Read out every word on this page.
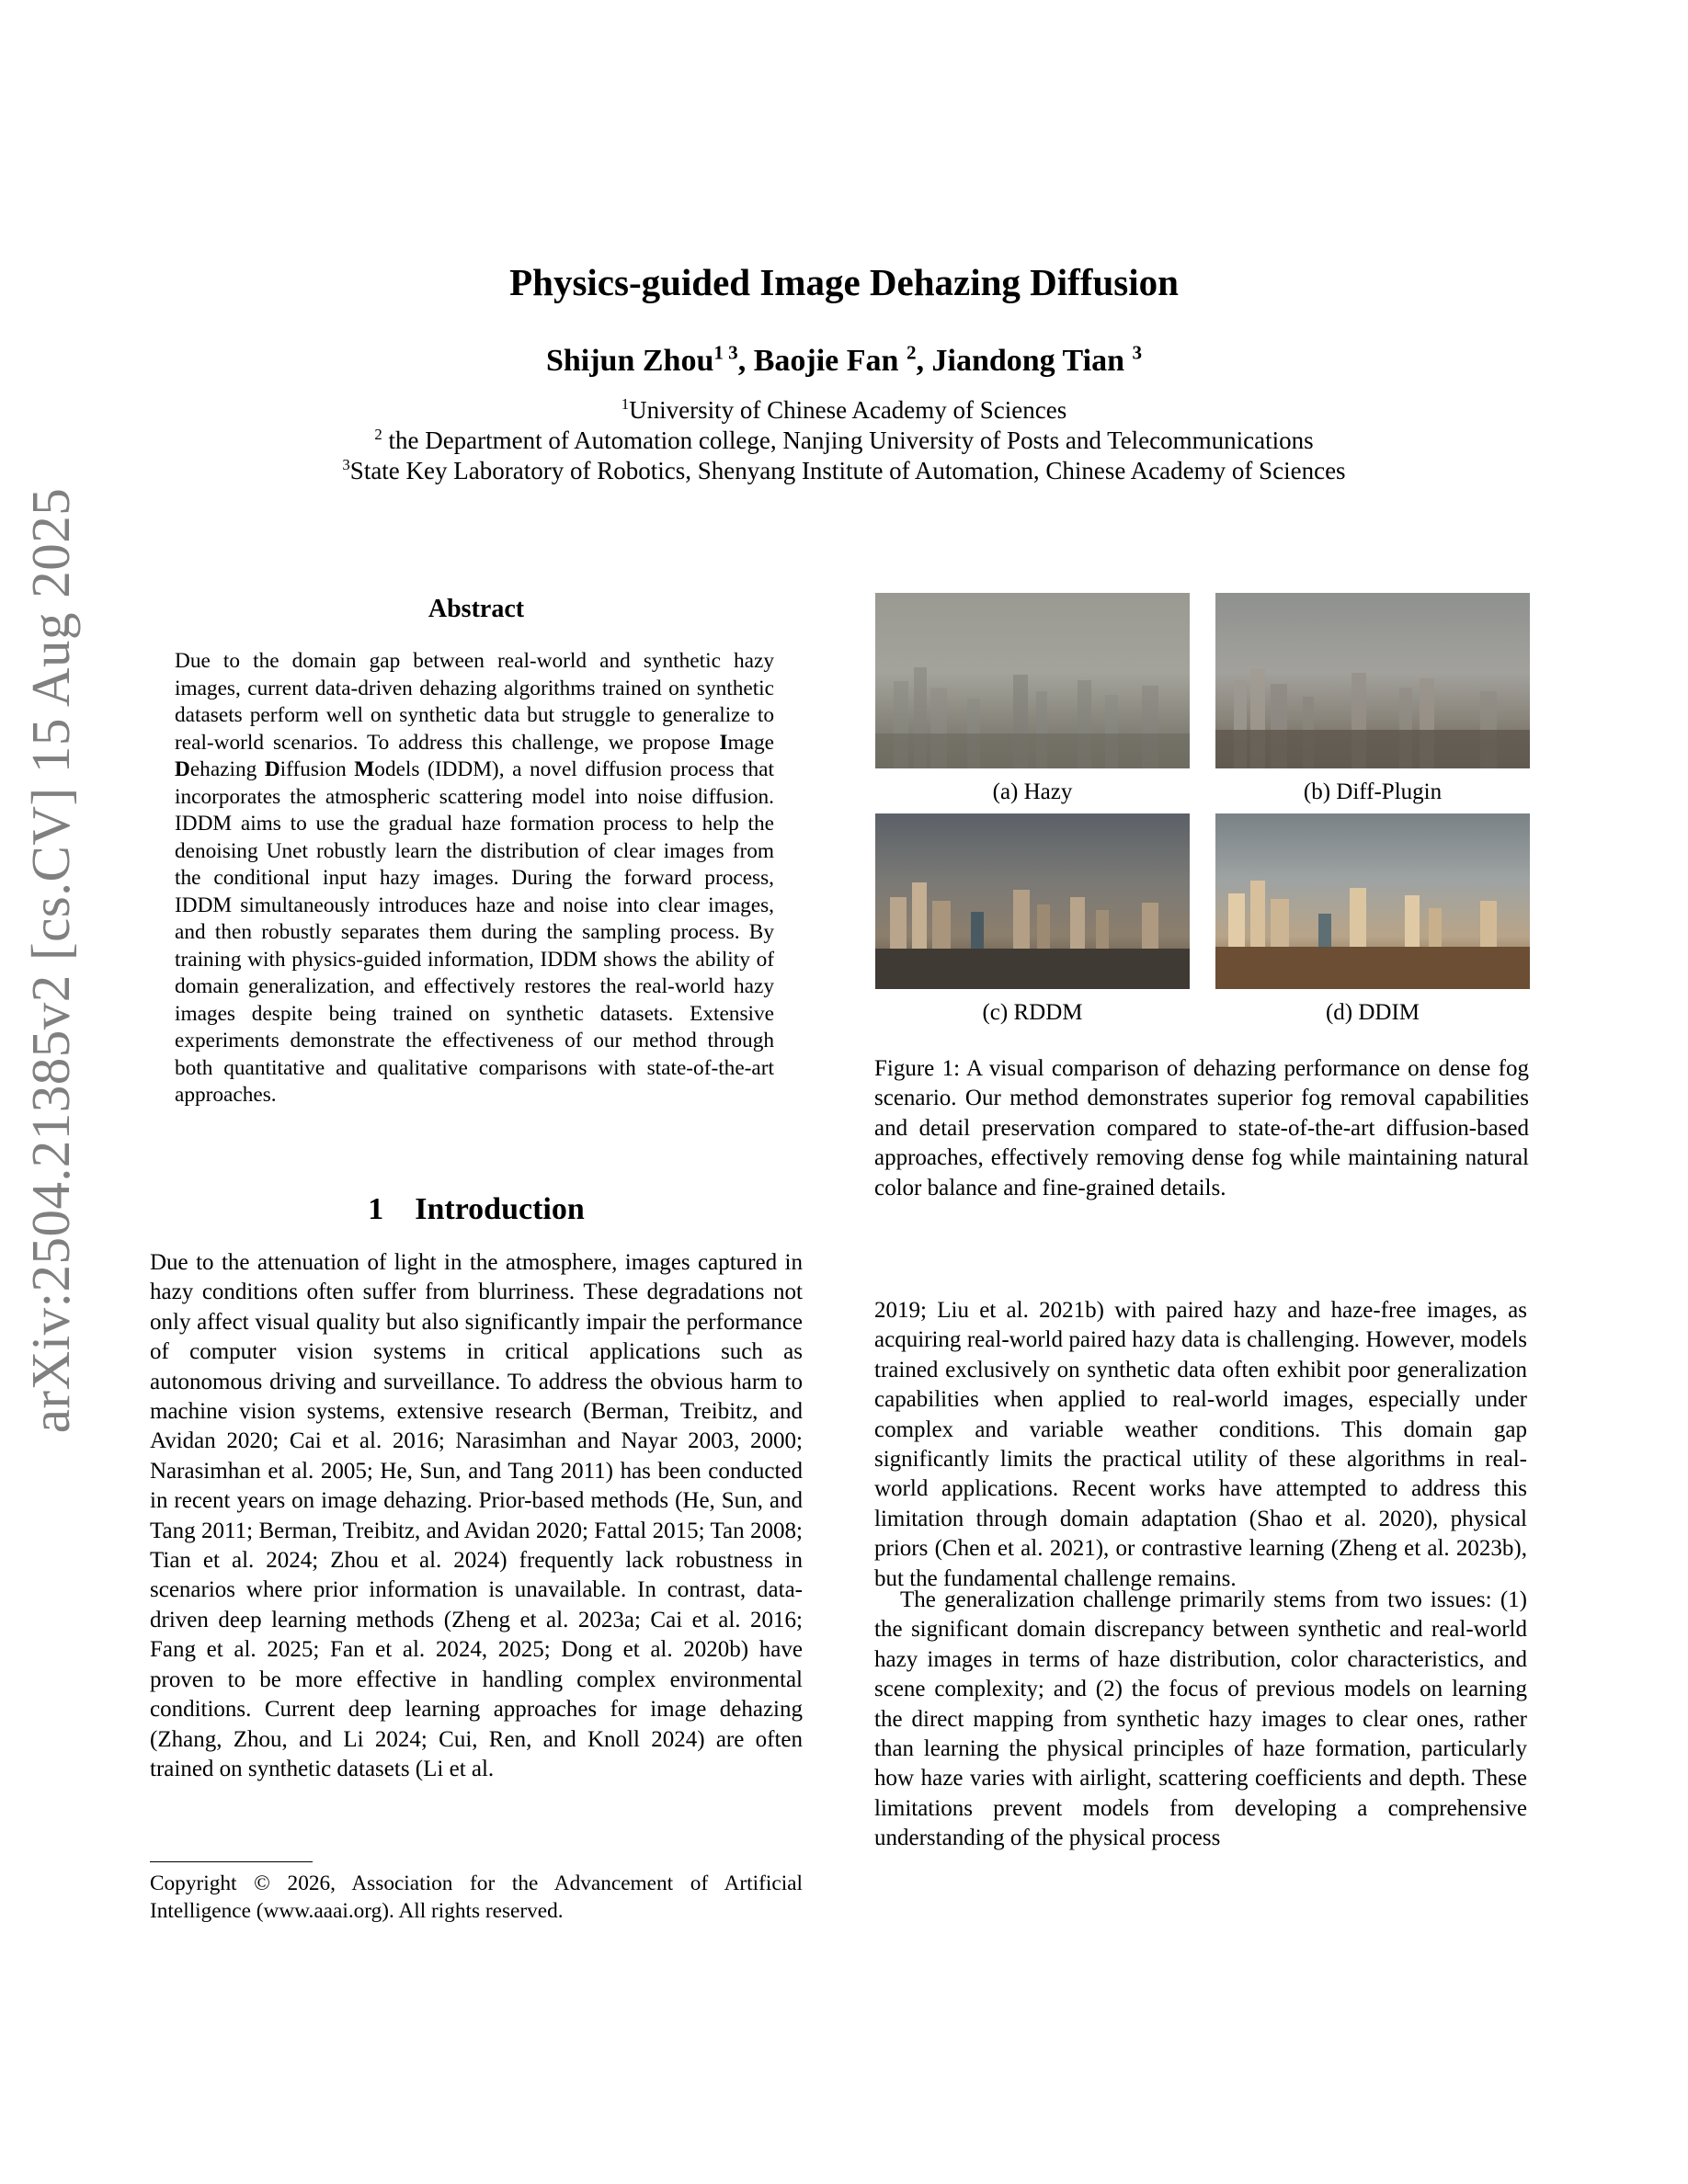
arXiv:2504.21385v2 [cs.CV] 15 Aug 2025
Physics-guided Image Dehazing Diffusion
Shijun Zhou$^{1 3}$, Baojie Fan $^2$, Jiandong Tian $^3$
$^1$University of Chinese Academy of Sciences
$^2$ the Department of Automation college, Nanjing University of Posts and Telecommunications
$^3$State Key Laboratory of Robotics, Shenyang Institute of Automation, Chinese Academy of Sciences
Abstract
Due to the domain gap between real-world and synthetic hazy images, current data-driven dehazing algorithms trained on synthetic datasets perform well on synthetic data but struggle to generalize to real-world scenarios. To address this challenge, we propose Image Dehazing Diffusion Models (IDDM), a novel diffusion process that incorporates the atmospheric scattering model into noise diffusion. IDDM aims to use the gradual haze formation process to help the denoising Unet robustly learn the distribution of clear images from the conditional input hazy images. During the forward process, IDDM simultaneously introduces haze and noise into clear images, and then robustly separates them during the sampling process. By training with physics-guided information, IDDM shows the ability of domain generalization, and effectively restores the real-world hazy images despite being trained on synthetic datasets. Extensive experiments demonstrate the effectiveness of our method through both quantitative and qualitative comparisons with state-of-the-art approaches.
1    Introduction
Due to the attenuation of light in the atmosphere, images captured in hazy conditions often suffer from blurriness. These degradations not only affect visual quality but also significantly impair the performance of computer vision systems in critical applications such as autonomous driving and surveillance. To address the obvious harm to machine vision systems, extensive research (Berman, Treibitz, and Avidan 2020; Cai et al. 2016; Narasimhan and Nayar 2003, 2000; Narasimhan et al. 2005; He, Sun, and Tang 2011) has been conducted in recent years on image dehazing. Prior-based methods (He, Sun, and Tang 2011; Berman, Treibitz, and Avidan 2020; Fattal 2015; Tan 2008; Tian et al. 2024; Zhou et al. 2024) frequently lack robustness in scenarios where prior information is unavailable. In contrast, data-driven deep learning methods (Zheng et al. 2023a; Cai et al. 2016; Fang et al. 2025; Fan et al. 2024, 2025; Dong et al. 2020b) have proven to be more effective in handling complex environmental conditions. Current deep learning approaches for image dehazing (Zhang, Zhou, and Li 2024; Cui, Ren, and Knoll 2024) are often trained on synthetic datasets (Li et al.
Copyright © 2026, Association for the Advancement of Artificial Intelligence (www.aaai.org). All rights reserved.
(a) Hazy	(b) Diff-Plugin
(c) RDDM	(d) DDIM
Figure 1: A visual comparison of dehazing performance on dense fog scenario. Our method demonstrates superior fog removal capabilities and detail preservation compared to state-of-the-art diffusion-based approaches, effectively removing dense fog while maintaining natural color balance and fine-grained details.
2019; Liu et al. 2021b) with paired hazy and haze-free images, as acquiring real-world paired hazy data is challenging. However, models trained exclusively on synthetic data often exhibit poor generalization capabilities when applied to real-world images, especially under complex and variable weather conditions. This domain gap significantly limits the practical utility of these algorithms in real-world applications. Recent works have attempted to address this limitation through domain adaptation (Shao et al. 2020), physical priors (Chen et al. 2021), or contrastive learning (Zheng et al. 2023b), but the fundamental challenge remains.
The generalization challenge primarily stems from two issues: (1) the significant domain discrepancy between synthetic and real-world hazy images in terms of haze distribution, color characteristics, and scene complexity; and (2) the focus of previous models on learning the direct mapping from synthetic hazy images to clear ones, rather than learning the physical principles of haze formation, particularly how haze varies with airlight, scattering coefficients and depth. These limitations prevent models from developing a comprehensive understanding of the physical process
